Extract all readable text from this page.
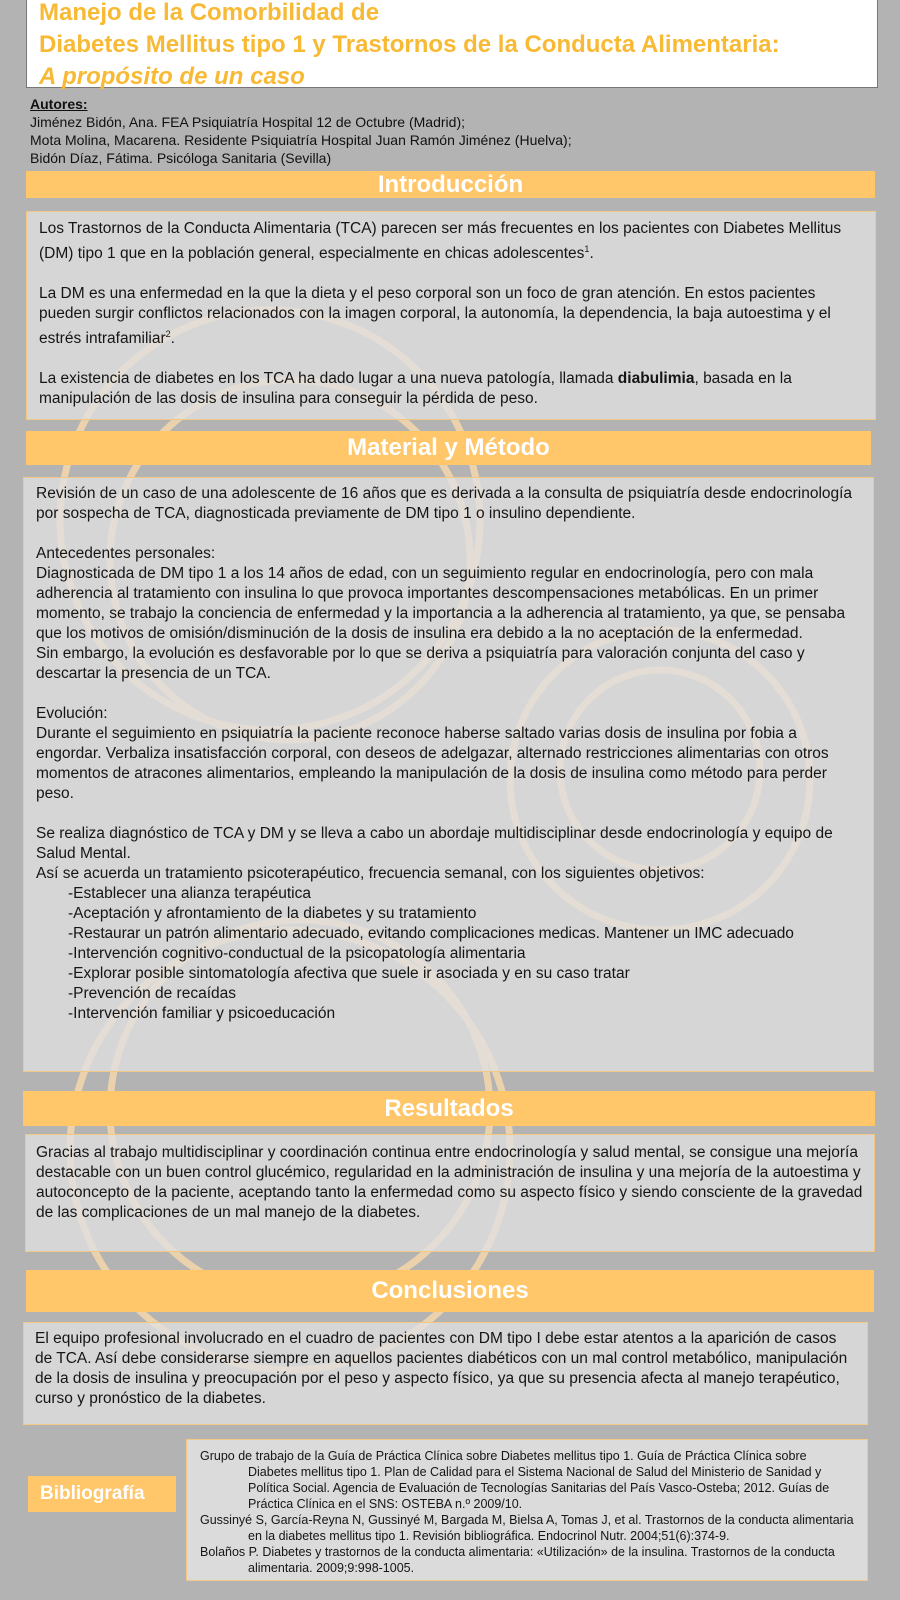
Manejo de la Comorbilidad de
Diabetes Mellitus tipo 1 y Trastornos de la Conducta Alimentaria:
A propósito de un caso
Autores:
Jiménez Bidón, Ana. FEA Psiquiatría Hospital 12 de Octubre (Madrid);
Mota Molina, Macarena. Residente Psiquiatría Hospital Juan Ramón Jiménez (Huelva);
Bidón Díaz, Fátima. Psicóloga Sanitaria (Sevilla)
Introducción

Los Trastornos de la Conducta Alimentaria (TCA) parecen ser más frecuentes en los pacientes con Diabetes Mellitus (DM) tipo 1 que en la población general, especialmente en chicas adolescentes$^1$.

La DM es una enfermedad en la que la dieta y el peso corporal son un foco de gran atención. En estos pacientes pueden surgir conflictos relacionados con la imagen corporal, la autonomía, la dependencia, la baja autoestima y el estrés intrafamiliar$^2$.

La existencia de diabetes en los TCA ha dado lugar a una nueva patología, llamada diabulimia, basada en la manipulación de las dosis de insulina para conseguir la pérdida de peso.

Material y Método

Revisión de un caso de una adolescente de 16 años que es derivada a la consulta de psiquiatría desde endocrinología por sospecha de TCA, diagnosticada previamente de DM tipo 1 o insulino dependiente.

Antecedentes personales:

Diagnosticada de DM tipo 1 a los 14 años de edad, con un seguimiento regular en endocrinología, pero con mala adherencia al tratamiento con insulina lo que provoca importantes descompensaciones metabólicas. En un primer momento, se trabajo la conciencia de enfermedad y la importancia a la adherencia al tratamiento, ya que, se pensaba que los motivos de omisión/disminución de la dosis de insulina era debido a la no aceptación de la enfermedad.

Sin embargo, la evolución es desfavorable por lo que se deriva a psiquiatría para valoración conjunta del caso y descartar la presencia de un TCA.

Evolución:

Durante el seguimiento en psiquiatría la paciente reconoce haberse saltado varias dosis de insulina por fobia a engordar. Verbaliza insatisfacción corporal, con deseos de adelgazar, alternado restricciones alimentarias con otros momentos de atracones alimentarios, empleando la manipulación de la dosis de insulina como método para perder peso.

Se realiza diagnóstico de TCA y DM y se lleva a cabo un abordaje multidisciplinar desde endocrinología y equipo de Salud Mental.

Así se acuerda un tratamiento psicoterapéutico, frecuencia semanal, con los siguientes objetivos:

-Establecer una alianza terapéutica

-Aceptación y afrontamiento de la diabetes y su tratamiento

-Restaurar un patrón alimentario adecuado, evitando complicaciones medicas. Mantener un IMC adecuado

-Intervención cognitivo-conductual de la psicopatología alimentaria

-Explorar posible sintomatología afectiva que suele ir asociada y en su caso tratar

-Prevención de recaídas

-Intervención familiar y psicoeducación

Resultados

Gracias al trabajo multidisciplinar y coordinación continua entre endocrinología y salud mental, se consigue una mejoría destacable con un buen control glucémico, regularidad en la administración de insulina y una mejoría de la autoestima y autoconcepto de la paciente, aceptando tanto la enfermedad como su aspecto físico y siendo consciente de la gravedad de las complicaciones de un mal manejo de la diabetes.

Conclusiones

El equipo profesional involucrado en el cuadro de pacientes con DM tipo I debe estar atentos a la aparición de casos de TCA. Así debe considerarse siempre en aquellos pacientes diabéticos con un mal control metabólico, manipulación de la dosis de insulina y preocupación por el peso y aspecto físico, ya que su presencia afecta al manejo terapéutico, curso y pronóstico de la diabetes.

Bibliografía

Grupo de trabajo de la Guía de Práctica Clínica sobre Diabetes mellitus tipo 1. Guía de Práctica Clínica sobre Diabetes mellitus tipo 1. Plan de Calidad para el Sistema Nacional de Salud del Ministerio de Sanidad y Política Social. Agencia de Evaluación de Tecnologías Sanitarias del País Vasco-Osteba; 2012. Guías de Práctica Clínica en el SNS: OSTEBA n.º 2009/10.

Gussinyé S, García-Reyna N, Gussinyé M, Bargada M, Bielsa A, Tomas J, et al. Trastornos de la conducta alimentaria en la diabetes mellitus tipo 1. Revisión bibliográfica. Endocrinol Nutr. 2004;51(6):374-9.

Bolaños P. Diabetes y trastornos de la conducta alimentaria: «Utilización» de la insulina. Trastornos de la conducta alimentaria. 2009;9:998-1005.
